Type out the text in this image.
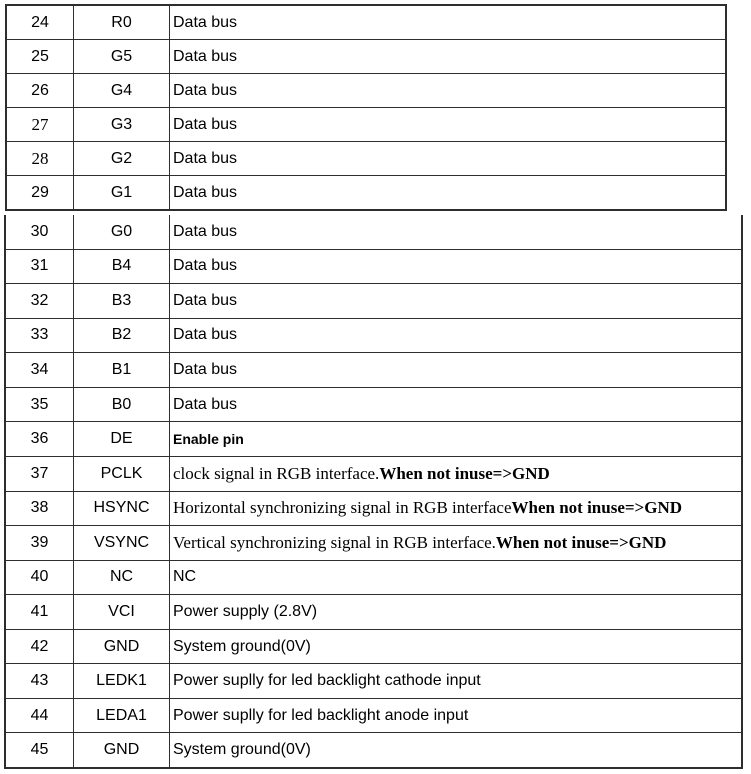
24	R0	Data bus
25	G5	Data bus
26	G4	Data bus
27	G3	Data bus
28	G2	Data bus
29	G1	Data bus
30	G0	Data bus
31	B4	Data bus
32	B3	Data bus
33	B2	Data bus
34	B1	Data bus
35	B0	Data bus
36	DE	Enable pin
37	PCLK	clock signal in RGB interface. When not inuse=>GND
38	HSYNC	Horizontal synchronizing signal in RGB interface When not inuse=>GND
39	VSYNC	Vertical synchronizing signal in RGB interface. When not inuse=>GND
40	NC	NC
41	VCI	Power supply (2.8V)
42	GND	System ground(0V)
43	LEDK1	Power suplly for led backlight cathode input
44	LEDA1	Power suplly for led backlight anode input
45	GND	System ground(0V)
